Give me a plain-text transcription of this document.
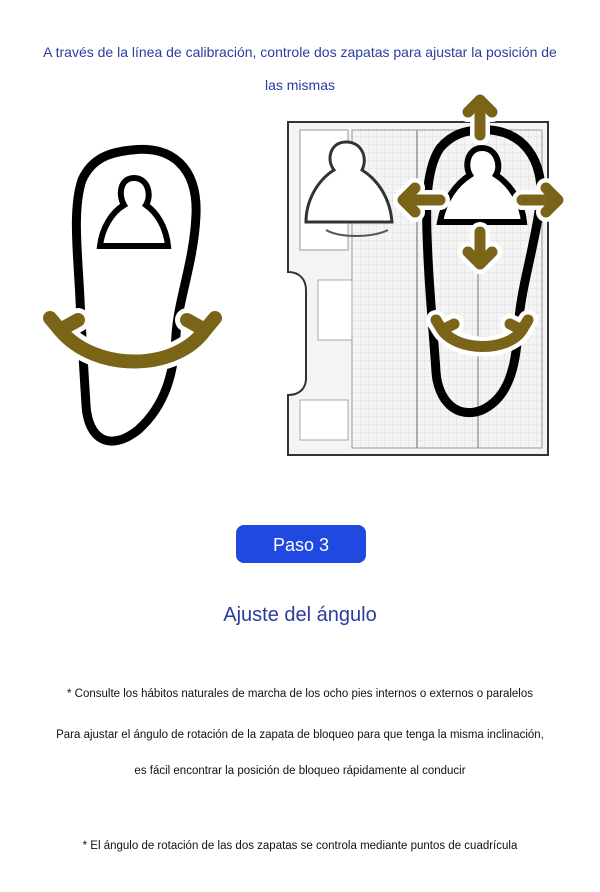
A través de la línea de calibración, controle dos zapatas para ajustar la posición de
las mismas
Paso 3
Ajuste del ángulo
* Consulte los hábitos naturales de marcha de los ocho pies internos o externos o paralelos
Para ajustar el ángulo de rotación de la zapata de bloqueo para que tenga la misma inclinación,
es fácil encontrar la posición de bloqueo rápidamente al conducir
* El ángulo de rotación de las dos zapatas se controla mediante puntos de cuadrícula
